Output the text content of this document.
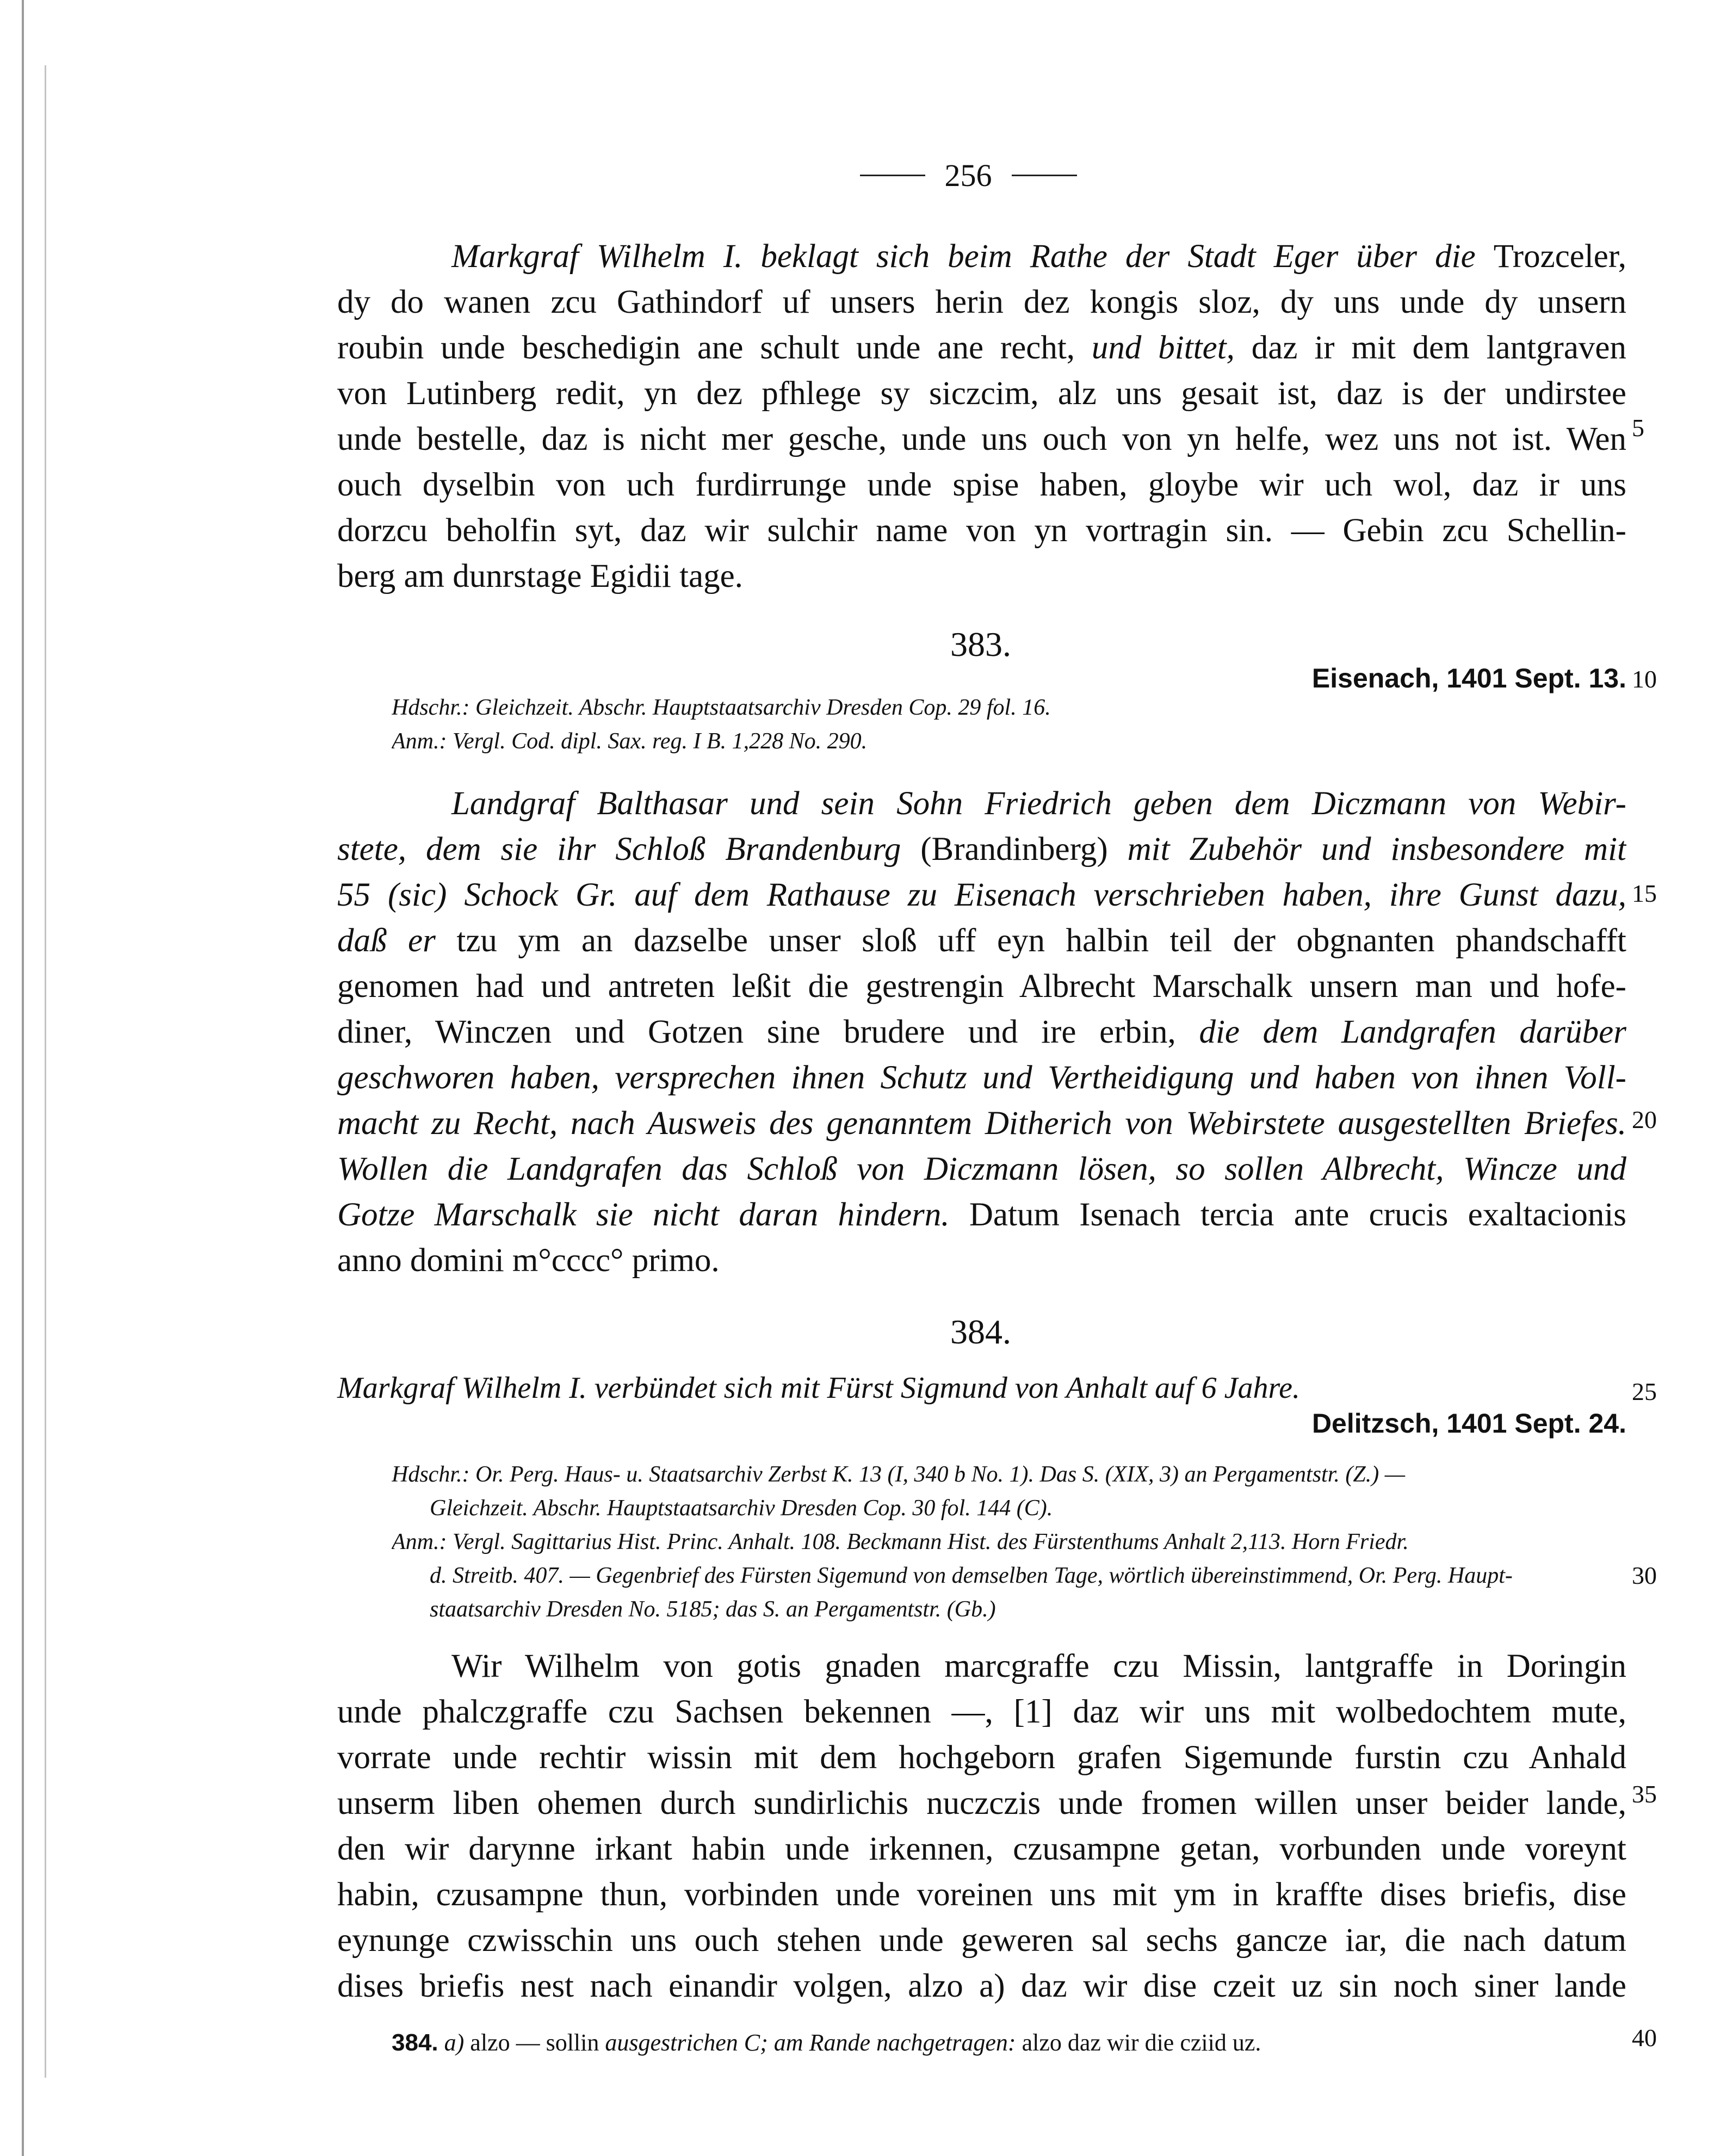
256
Markgraf Wilhelm I. beklagt sich beim Rathe der Stadt Eger über die Trozceler,
dy do wanen zcu Gathindorf uf unsers herin dez kongis sloz, dy uns unde dy unsern
roubin unde beschedigin ane schult unde ane recht, und bittet, daz ir mit dem lantgraven
von Lutinberg redit, yn dez pfhlege sy siczcim, alz uns gesait ist, daz is der undirstee
unde bestelle, daz is nicht mer gesche, unde uns ouch von yn helfe, wez uns not ist. Wen
ouch dyselbin von uch furdirrunge unde spise haben, gloybe wir uch wol, daz ir uns
dorzcu beholfin syt, daz wir sulchir name von yn vortragin sin. — Gebin zcu Schellin-
berg am dunrstage Egidii tage.
383.
Eisenach, 1401 Sept. 13.
Hdschr.: Gleichzeit. Abschr. Hauptstaatsarchiv Dresden Cop. 29 fol. 16.
Anm.: Vergl. Cod. dipl. Sax. reg. I B. 1,228 No. 290.
Landgraf Balthasar und sein Sohn Friedrich geben dem Diczmann von Webir-
stete, dem sie ihr Schloß Brandenburg (Brandinberg) mit Zubehör und insbesondere mit
55 (sic) Schock Gr. auf dem Rathause zu Eisenach verschrieben haben, ihre Gunst dazu,
daß er tzu ym an dazselbe unser sloß uff eyn halbin teil der obgnanten phandschafft
genomen had und antreten leßit die gestrengin Albrecht Marschalk unsern man und hofe-
diner, Winczen und Gotzen sine brudere und ire erbin, die dem Landgrafen darüber
geschworen haben, versprechen ihnen Schutz und Vertheidigung und haben von ihnen Voll-
macht zu Recht, nach Ausweis des genanntem Ditherich von Webirstete ausgestellten Briefes.
Wollen die Landgrafen das Schloß von Diczmann lösen, so sollen Albrecht, Wincze und
Gotze Marschalk sie nicht daran hindern. Datum Isenach tercia ante crucis exaltacionis
anno domini m°cccc° primo.
384.
Markgraf Wilhelm I. verbündet sich mit Fürst Sigmund von Anhalt auf 6 Jahre.
Delitzsch, 1401 Sept. 24.
Hdschr.: Or. Perg. Haus- u. Staatsarchiv Zerbst K. 13 (I, 340 b No. 1). Das S. (XIX, 3) an Pergamentstr. (Z.) —
Gleichzeit. Abschr. Hauptstaatsarchiv Dresden Cop. 30 fol. 144 (C).
Anm.: Vergl. Sagittarius Hist. Princ. Anhalt. 108. Beckmann Hist. des Fürstenthums Anhalt 2,113. Horn Friedr.
d. Streitb. 407. — Gegenbrief des Fürsten Sigemund von demselben Tage, wörtlich übereinstimmend, Or. Perg. Haupt-
staatsarchiv Dresden No. 5185; das S. an Pergamentstr. (Gb.)
Wir Wilhelm von gotis gnaden marcgraffe czu Missin, lantgraffe in Doringin
unde phalczgraffe czu Sachsen bekennen —, [1] daz wir uns mit wolbedochtem mute,
vorrate unde rechtir wissin mit dem hochgeborn grafen Sigemunde furstin czu Anhald
unserm liben ohemen durch sundirlichis nuczczis unde fromen willen unser beider lande,
den wir darynne irkant habin unde irkennen, czusampne getan, vorbunden unde voreynt
habin, czusampne thun, vorbinden unde voreinen uns mit ym in kraffte dises briefis, dise
eynunge czwisschin uns ouch stehen unde geweren sal sechs gancze iar, die nach datum
dises briefis nest nach einandir volgen, alzo a) daz wir dise czeit uz sin noch siner lande
384. a) alzo — sollin ausgestrichen C; am Rande nachgetragen: alzo daz wir die cziid uz.
5
10
15
20
25
30
35
40
